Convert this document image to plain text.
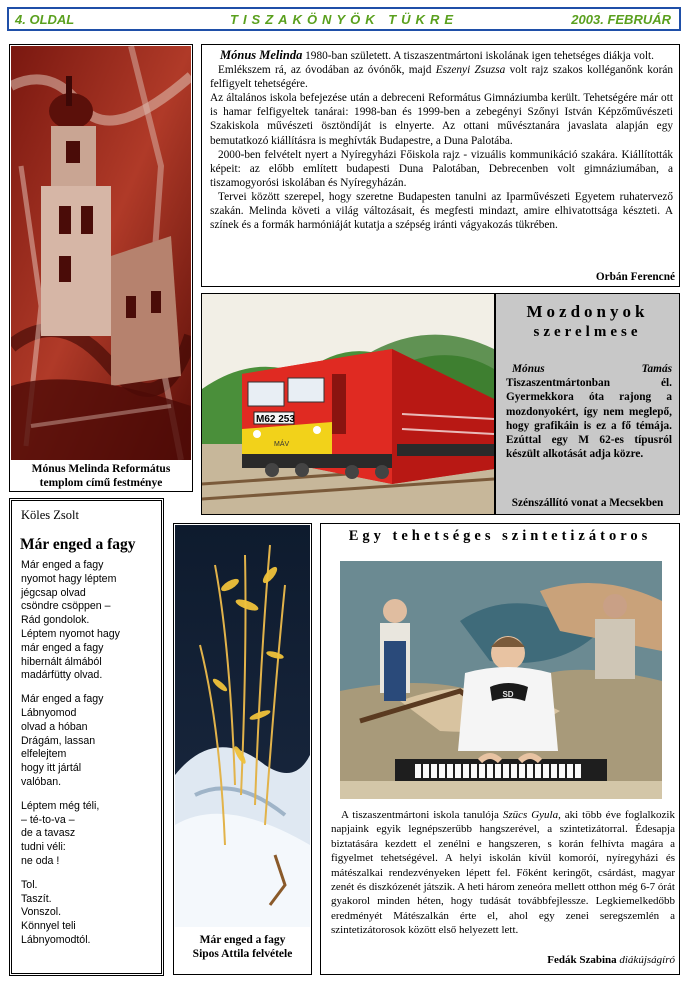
4. OLDAL	TISZAKÖNYÖK TÜKRE	2003. FEBRUÁR
Mónus Melinda Református
templom című festménye

Mónus Melinda 1980-ban született. A tiszaszentmártoni iskolának igen tehetséges diákja volt.

Emlékszem rá, az óvodában az óvónők, majd Eszenyi Zsuzsa volt rajz szakos kolléganőnk korán felfigyelt tehetségére.

Az általános iskola befejezése után a debreceni Református Gimnáziumba került. Tehetségére már ott is hamar felfigyeltek tanárai: 1998-ban és 1999-ben a zebegényi Szőnyi István Képzőművészeti Szakiskola művészeti ösztöndíját is elnyerte. Az ottani művésztanára javaslata alapján egy bemutatkozó kiállításra is meghívták Budapestre, a Duna Palotába.

2000-ben felvételt nyert a Nyíregyházi Főiskola rajz - vizuális kommunikáció szakára. Kiállították képeit: az előbb említett budapesti Duna Palotában, Debrecenben volt gimnáziumában, a tiszamogyorósi iskolában és Nyíregyházán.

Tervei között szerepel, hogy szeretne Budapesten tanulni az Iparművészeti Egyetem ruhatervező szakán. Melinda követi a világ változásait, és megfesti mindazt, amire elhivatottsága készteti. A színek és a formák harmóniáját kutatja a szépség iránti vágyakozás tükrében.

Orbán Ferencné
M62 253
MÁV
Mozdonyok
szerelmese
Mónus Tamás Tiszaszentmártonban él. Gyermekkora óta rajong a mozdonyokért, így nem meglepő, hogy grafikáin is ez a fő témája. Ezúttal egy M 62-es típusról készült alkotását adja közre.
Szénszállító vonat a Mecsekben
Köles Zsolt
Már enged a fagy
Már enged a fagy
nyomot hagy léptem
jégcsap olvad
csöndre csöppen –
Rád gondolok.
Léptem nyomot hagy
már enged a fagy
hibernált álmából
madárfütty olvad.
Már enged a fagy
Lábnyomod
olvad a hóban
Drágám, lassan
elfelejtem
hogy itt jártál
valóban.
Léptem még téli,
– té-to-va –
de a tavasz
tudni véli:
ne oda !
Tol.
Taszít.
Vonszol.
Könnyel teli
Lábnyomodtól.	Már enged a fagy
Sipos Attila felvétele
Egy tehetséges szintetizátoros
SD

A tiszaszentmártoni iskola tanulója Szücs Gyula, aki több éve foglalkozik napjaink egyik legnépszerűbb hangszerével, a szintetizátorral. Édesapja biztatására kezdett el zenélni e hangszeren, s korán felhívta magára a figyelmet tehetségével. A helyi iskolán kívül komoróí, nyíregyházi és mátészalkai rendezvényeken lépett fel. Főként keringőt, csárdást, magyar zenét és diszkózenét játszik. A heti három zeneóra mellett otthon még 6-7 órát gyakorol minden héten, hogy tudását továbbfejlessze. Legkiemelkedőbb eredményét Mátészalkán érte el, ahol egy zenei seregszemlén a szintetizátorosok között első helyezett lett.

Fedák Szabina diákújságíró
